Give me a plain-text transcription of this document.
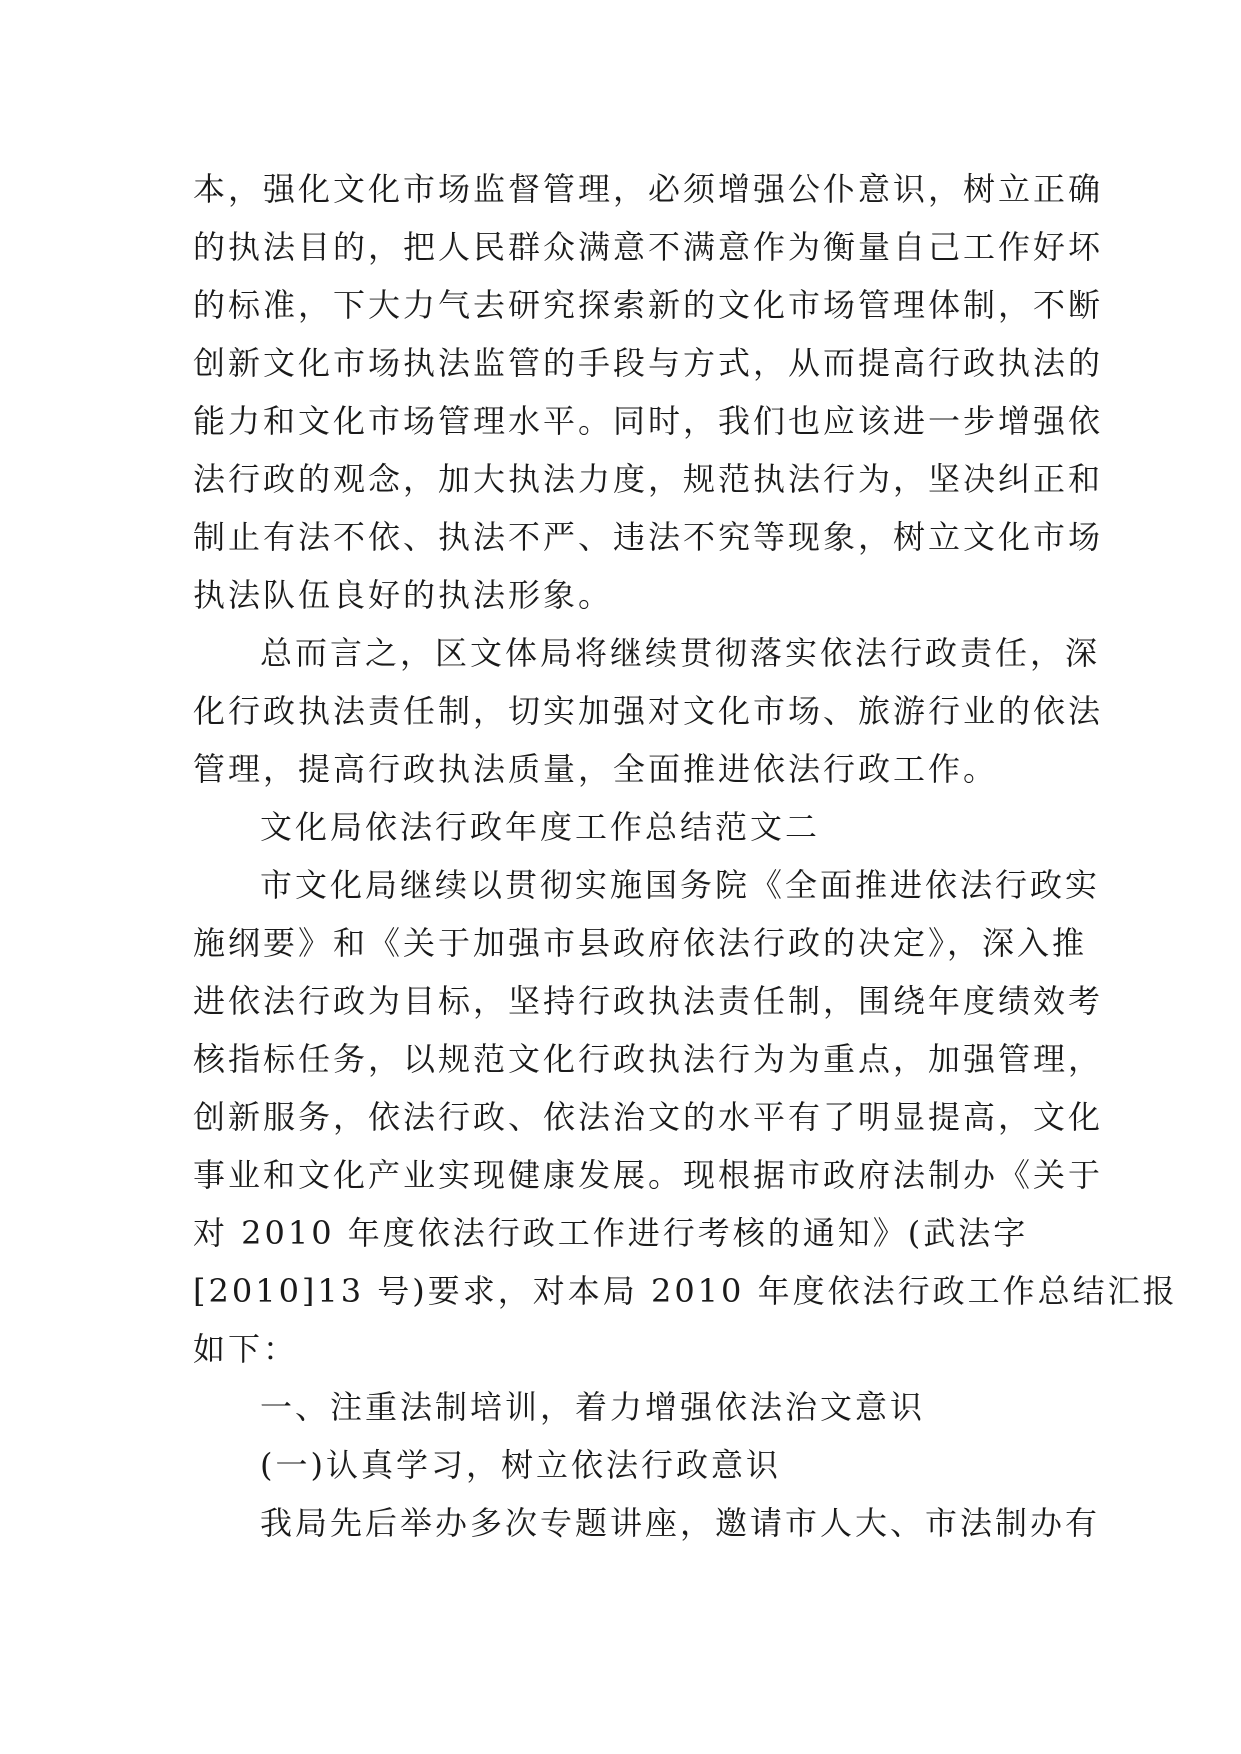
本，强化文化市场监督管理，必须增强公仆意识，树立正确
的执法目的，把人民群众满意不满意作为衡量自己工作好坏
的标准，下大力气去研究探索新的文化市场管理体制，不断
创新文化市场执法监管的手段与方式，从而提高行政执法的
能力和文化市场管理水平。同时，我们也应该进一步增强依
法行政的观念，加大执法力度，规范执法行为，坚决纠正和
制止有法不依、执法不严、违法不究等现象，树立文化市场
执法队伍良好的执法形象。
总而言之，区文体局将继续贯彻落实依法行政责任，深
化行政执法责任制，切实加强对文化市场、旅游行业的依法
管理，提高行政执法质量，全面推进依法行政工作。
文化局依法行政年度工作总结范文二
市文化局继续以贯彻实施国务院《全面推进依法行政实
施纲要》和《关于加强市县政府依法行政的决定》，深入推
进依法行政为目标，坚持行政执法责任制，围绕年度绩效考
核指标任务，以规范文化行政执法行为为重点，加强管理，
创新服务，依法行政、依法治文的水平有了明显提高，文化
事业和文化产业实现健康发展。现根据市政府法制办《关于
对 2010 年度依法行政工作进行考核的通知》(武法字
[2010]13 号)要求，对本局 2010 年度依法行政工作总结汇报
如下：
一、注重法制培训，着力增强依法治文意识
(一)认真学习，树立依法行政意识
我局先后举办多次专题讲座，邀请市人大、市法制办有
